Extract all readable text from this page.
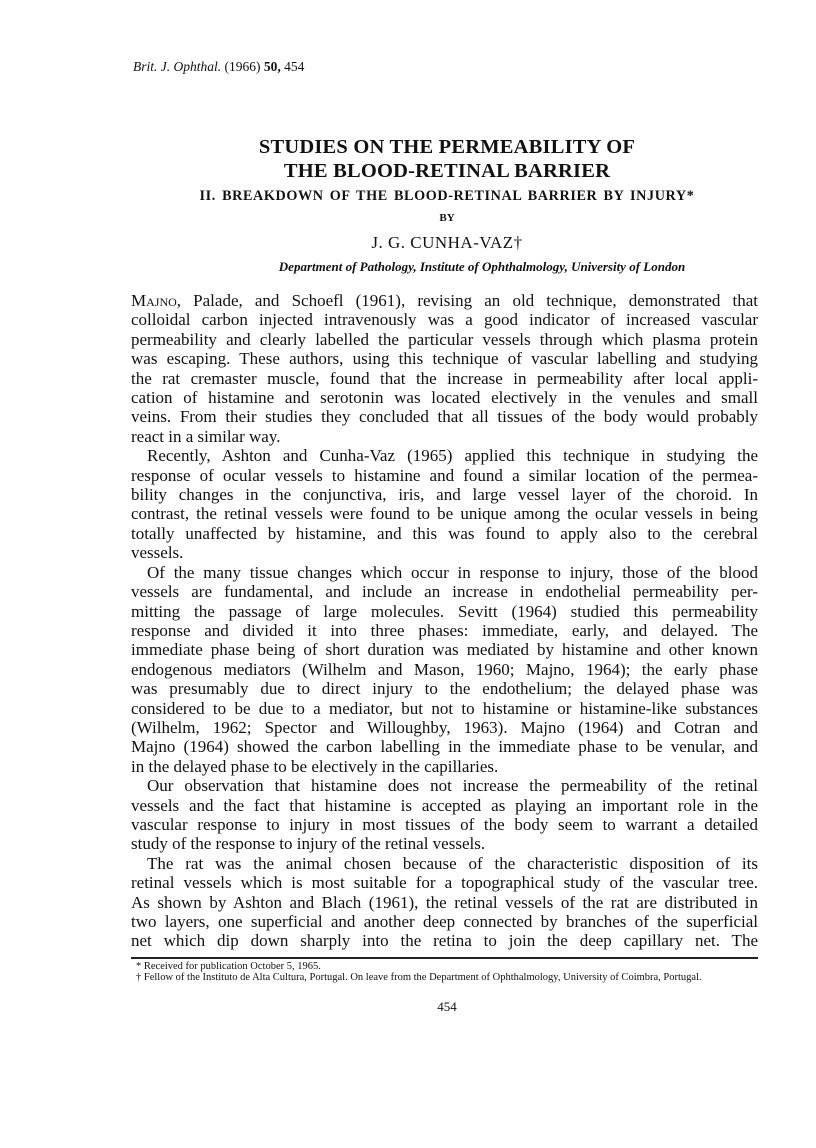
Brit. J. Ophthal. (1966) 50, 454
STUDIES ON THE PERMEABILITY OF
THE BLOOD-RETINAL BARRIER
II. BREAKDOWN OF THE BLOOD-RETINAL BARRIER BY INJURY*
BY
J. G. CUNHA-VAZ†
Department of Pathology, Institute of Ophthalmology, University of London
Majno, Palade, and Schoefl (1961), revising an old technique, demonstrated that
colloidal carbon injected intravenously was a good indicator of increased vascular
permeability and clearly labelled the particular vessels through which plasma protein
was escaping. These authors, using this technique of vascular labelling and studying
the rat cremaster muscle, found that the increase in permeability after local appli-
cation of histamine and serotonin was located electively in the venules and small
veins. From their studies they concluded that all tissues of the body would probably
react in a similar way.
Recently, Ashton and Cunha-Vaz (1965) applied this technique in studying the
response of ocular vessels to histamine and found a similar location of the permea-
bility changes in the conjunctiva, iris, and large vessel layer of the choroid. In
contrast, the retinal vessels were found to be unique among the ocular vessels in being
totally unaffected by histamine, and this was found to apply also to the cerebral
vessels.
Of the many tissue changes which occur in response to injury, those of the blood
vessels are fundamental, and include an increase in endothelial permeability per-
mitting the passage of large molecules. Sevitt (1964) studied this permeability
response and divided it into three phases: immediate, early, and delayed. The
immediate phase being of short duration was mediated by histamine and other known
endogenous mediators (Wilhelm and Mason, 1960; Majno, 1964); the early phase
was presumably due to direct injury to the endothelium; the delayed phase was
considered to be due to a mediator, but not to histamine or histamine-like substances
(Wilhelm, 1962; Spector and Willoughby, 1963). Majno (1964) and Cotran and
Majno (1964) showed the carbon labelling in the immediate phase to be venular, and
in the delayed phase to be electively in the capillaries.
Our observation that histamine does not increase the permeability of the retinal
vessels and the fact that histamine is accepted as playing an important role in the
vascular response to injury in most tissues of the body seem to warrant a detailed
study of the response to injury of the retinal vessels.
The rat was the animal chosen because of the characteristic disposition of its
retinal vessels which is most suitable for a topographical study of the vascular tree.
As shown by Ashton and Blach (1961), the retinal vessels of the rat are distributed in
two layers, one superficial and another deep connected by branches of the superficial
net which dip down sharply into the retina to join the deep capillary net. The
* Received for publication October 5, 1965.
† Fellow of the Instituto de Alta Cultura, Portugal. On leave from the Department of Ophthalmology, University of Coimbra, Portugal.
454
